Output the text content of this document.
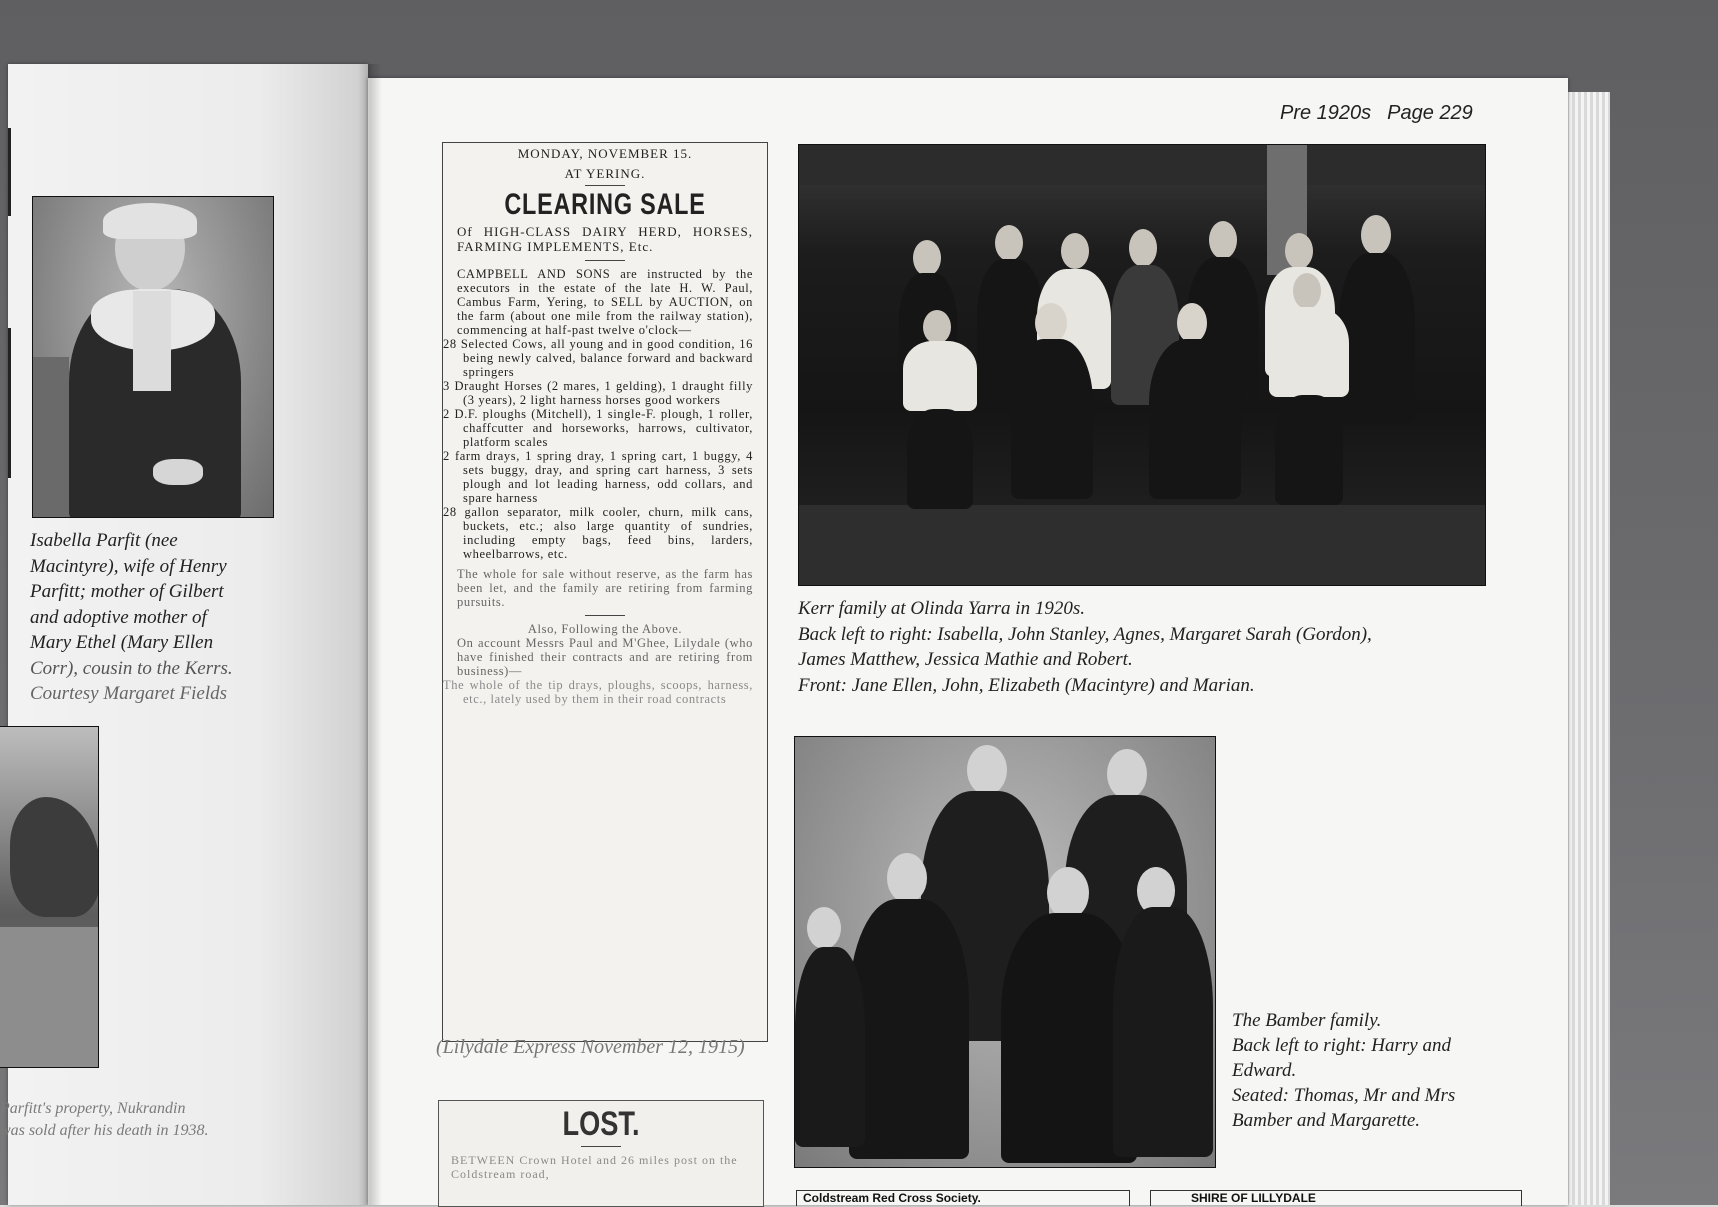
Isabella Parfit (nee
Macintyre), wife of Henry
Parfitt; mother of Gilbert
and adoptive mother of
Mary Ethel (Mary Ellen
Corr), cousin to the Kerrs.
Courtesy Margaret Fields
Parfitt's property, Nukrandin
was sold after his death in 1938.
Pre 1920s Page 229
MONDAY, NOVEMBER 15.
AT YERING.
CLEARING SALE
Of HIGH-CLASS DAIRY HERD, HORSES, FARMING IMPLEMENTS, Etc.
CAMPBELL AND SONS are instructed by the executors in the estate of the late H. W. Paul, Cambus Farm, Yering, to SELL by AUCTION, on the farm (about one mile from the railway station), commencing at half-past twelve o'clock—
28 Selected Cows, all young and in good condition, 16 being newly calved, balance forward and backward springers
3 Draught Horses (2 mares, 1 gelding), 1 draught filly (3 years), 2 light harness horses good workers
2 D.F. ploughs (Mitchell), 1 single-F. plough, 1 roller, chaffcutter and horseworks, harrows, cultivator, platform scales
2 farm drays, 1 spring dray, 1 spring cart, 1 buggy, 4 sets buggy, dray, and spring cart harness, 3 sets plough and lot leading harness, odd collars, and spare harness
28 gallon separator, milk cooler, churn, milk cans, buckets, etc.; also large quantity of sundries, including empty bags, feed bins, larders, wheelbarrows, etc.
The whole for sale without reserve, as the farm has been let, and the family are retiring from farming pursuits.
Also, Following the Above.
On account Messrs Paul and M'Ghee, Lilydale (who have finished their contracts and are retiring from business)—
The whole of the tip drays, ploughs, scoops, harness, etc., lately used by them in their road contracts
(Lilydale Express November 12, 1915)
LOST.
BETWEEN Crown Hotel and 26 miles post on the Coldstream road,
Kerr family at Olinda Yarra in 1920s.
Back left to right: Isabella, John Stanley, Agnes, Margaret Sarah (Gordon),
James Matthew, Jessica Mathie and Robert.
Front: Jane Ellen, John, Elizabeth (Macintyre) and Marian.
The Bamber family.
Back left to right: Harry and
Edward.
Seated: Thomas, Mr and Mrs
Bamber and Margarette.
Coldstream Red Cross Society.	SHIRE OF LILLYDALE
